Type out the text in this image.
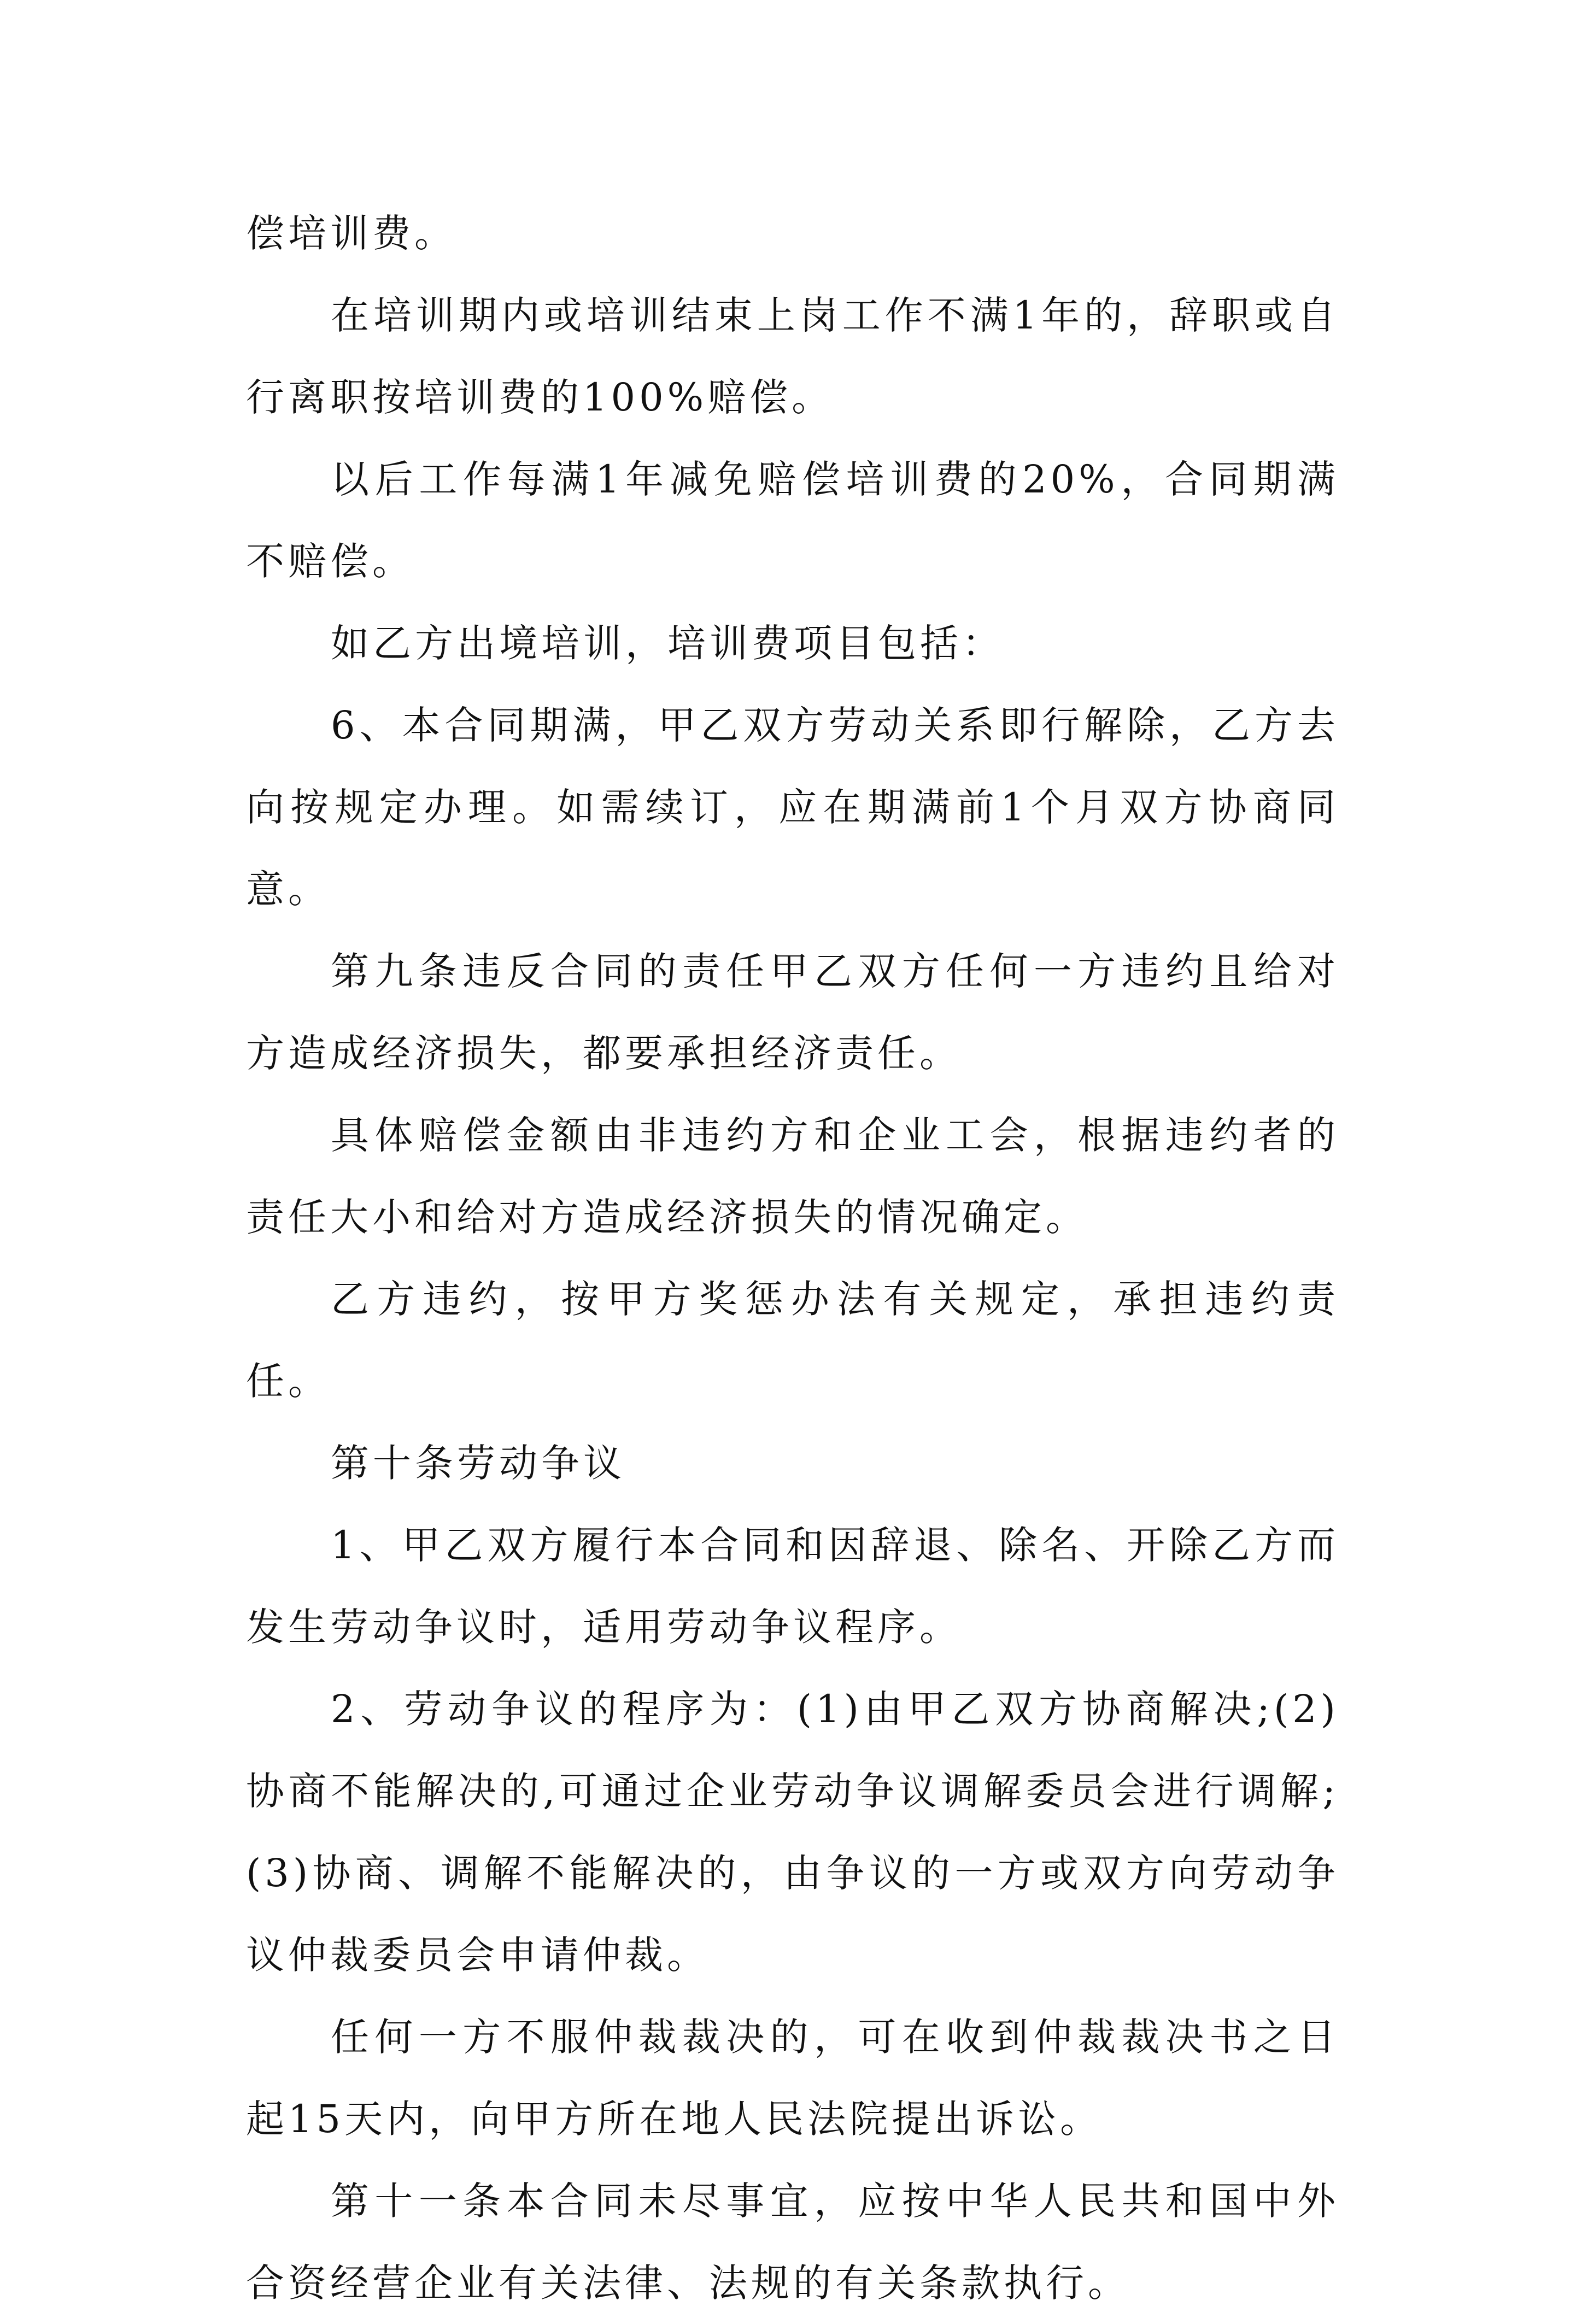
偿培训费。

在培训期内或培训结束上岗工作不满1年的，辞职或自行离职按培训费的100%赔偿。

以后工作每满1年减免赔偿培训费的20%，合同期满不赔偿。

如乙方出境培训，培训费项目包括：

6、本合同期满，甲乙双方劳动关系即行解除，乙方去向按规定办理。如需续订，应在期满前1个月双方协商同意。

第九条违反合同的责任甲乙双方任何一方违约且给对方造成经济损失，都要承担经济责任。

具体赔偿金额由非违约方和企业工会，根据违约者的责任大小和给对方造成经济损失的情况确定。

乙方违约，按甲方奖惩办法有关规定，承担违约责任。

第十条劳动争议

1、甲乙双方履行本合同和因辞退、除名、开除乙方而发生劳动争议时，适用劳动争议程序。

2、劳动争议的程序为：(1)由甲乙双方协商解决;(2)协商不能解决的,可通过企业劳动争议调解委员会进行调解;(3)协商、调解不能解决的，由争议的一方或双方向劳动争议仲裁委员会申请仲裁。

任何一方不服仲裁裁决的，可在收到仲裁裁决书之日起15天内，向甲方所在地人民法院提出诉讼。

第十一条本合同未尽事宜，应按中华人民共和国中外合资经营企业有关法律、法规的有关条款执行。
